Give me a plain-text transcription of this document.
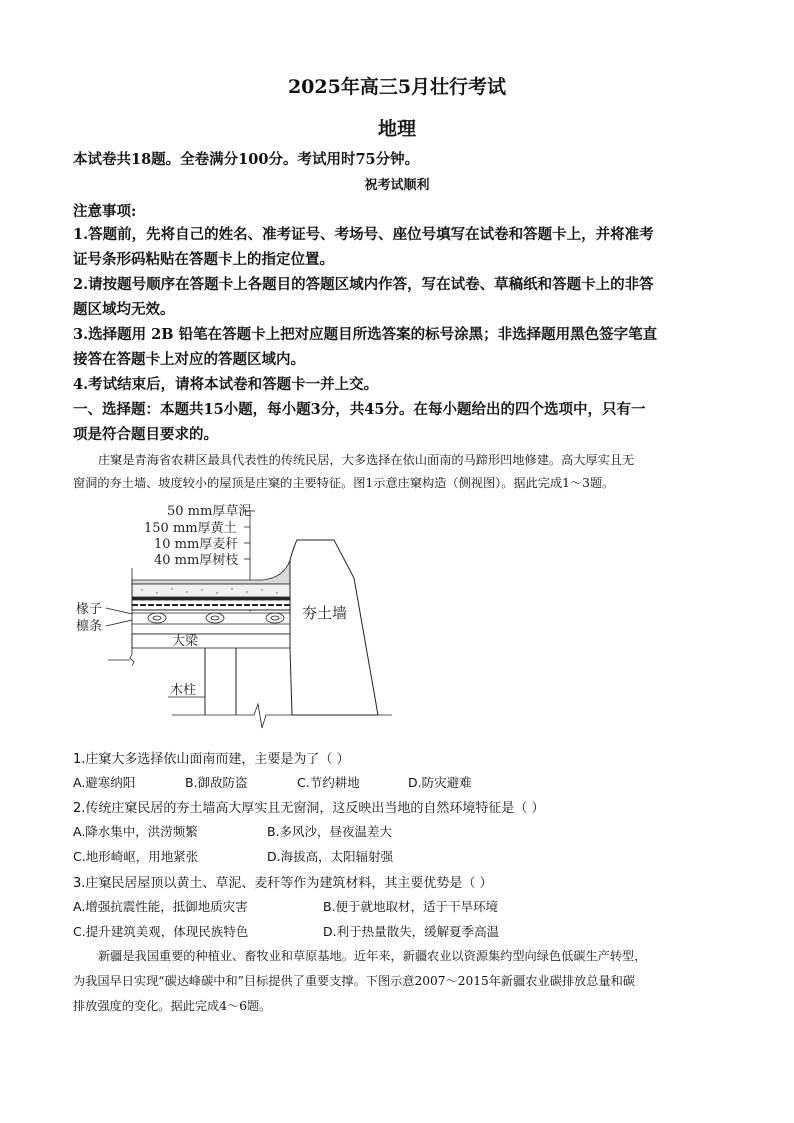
2025年高三5月壮行考试
地理
本试卷共18题。全卷满分100分。考试用时75分钟。
祝考试顺利
注意事项:
1.答题前，先将自己的姓名、准考证号、考场号、座位号填写在试卷和答题卡上，并将准考
证号条形码粘贴在答题卡上的指定位置。
2.请按题号顺序在答题卡上各题目的答题区域内作答，写在试卷、草稿纸和答题卡上的非答
题区域均无效。
3.选择题用 2B 铅笔在答题卡上把对应题目所选答案的标号涂黑；非选择题用黑色签字笔直
接答在答题卡上对应的答题区域内。
4.考试结束后，请将本试卷和答题卡一并上交。
一、选择题：本题共15小题，每小题3分，共45分。在每小题给出的四个选项中，只有一
项是符合题目要求的。
庄窠是青海省农耕区最具代表性的传统民居，大多选择在依山面南的马蹄形凹地修建。高大厚实且无
窗洞的夯土墙、坡度较小的屋顶是庄窠的主要特征。图1示意庄窠构造（侧视图）。据此完成1～3题。
50 mm厚草泥
150 mm厚黄土
10 mm厚麦秆
40 mm厚树枝
椽子
檩条
大梁
木柱
夯土墙
1.庄窠大多选择依山面南而建，主要是为了（ ）
A.避寒纳阳	B.御敌防盗	C.节约耕地	D.防灾避难
2.传统庄窠民居的夯土墙高大厚实且无窗洞，这反映出当地的自然环境特征是（ ）
A.降水集中，洪涝频繁	B.多风沙，昼夜温差大
C.地形崎岖，用地紧张	D.海拔高，太阳辐射强
3.庄窠民居屋顶以黄土、草泥、麦秆等作为建筑材料，其主要优势是（ ）
A.增强抗震性能，抵御地质灾害	B.便于就地取材，适于干旱环境
C.提升建筑美观，体现民族特色	D.利于热量散失，缓解夏季高温
新疆是我国重要的种植业、畜牧业和草原基地。近年来，新疆农业以资源集约型向绿色低碳生产转型，
为我国早日实现“碳达峰碳中和”目标提供了重要支撑。下图示意2007～2015年新疆农业碳排放总量和碳
排放强度的变化。据此完成4～6题。
